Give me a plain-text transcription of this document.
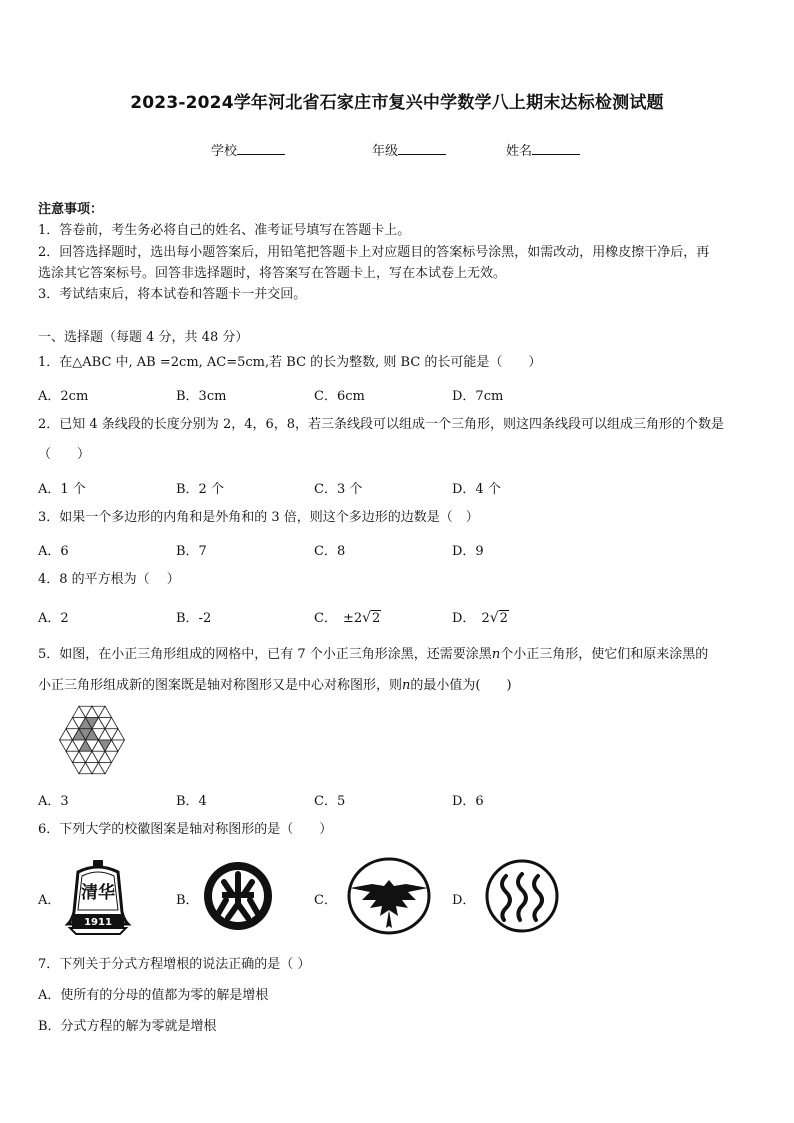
2023-2024学年河北省石家庄市复兴中学数学八上期末达标检测试题
学校	年级	姓名
注意事项：
1．答卷前，考生务必将自己的姓名、准考证号填写在答题卡上。
2．回答选择题时，选出每小题答案后，用铅笔把答题卡上对应题目的答案标号涂黑，如需改动，用橡皮擦干净后，再
选涂其它答案标号。回答非选择题时，将答案写在答题卡上，写在本试卷上无效。
3．考试结束后，将本试卷和答题卡一并交回。
一、选择题（每题 4 分，共 48 分）
1．在△ABC 中, AB =2cm, AC=5cm,若 BC 的长为整数, 则 BC 的长可能是（　　）
A．2cm	B．3cm	C．6cm	D．7cm
2．已知 4 条线段的长度分别为 2，4，6，8，若三条线段可以组成一个三角形，则这四条线段可以组成三角形的个数是
（　　）
A．1 个	B．2 个	C．3 个	D．4 个
3．如果一个多边形的内角和是外角和的 3 倍，则这个多边形的边数是（　）
A．6	B．7	C．8	D．9
4．8 的平方根为（　 ）
A．2	B．-2	C． ±2√2	D． 2√2
5．如图，在小正三角形组成的网格中，已有 7 个小正三角形涂黑，还需要涂黑n个小正三角形，使它们和原来涂黑的
小正三角形组成新的图案既是轴对称图形又是中心对称图形，则n的最小值为(　　)
A．3	B．4	C．5	D．6
6．下列大学的校徽图案是轴对称图形的是（　　）
A． 清华
1911
B．	C．	D．
7．下列关于分式方程增根的说法正确的是（ ）
A．使所有的分母的值都为零的解是增根
B．分式方程的解为零就是增根
